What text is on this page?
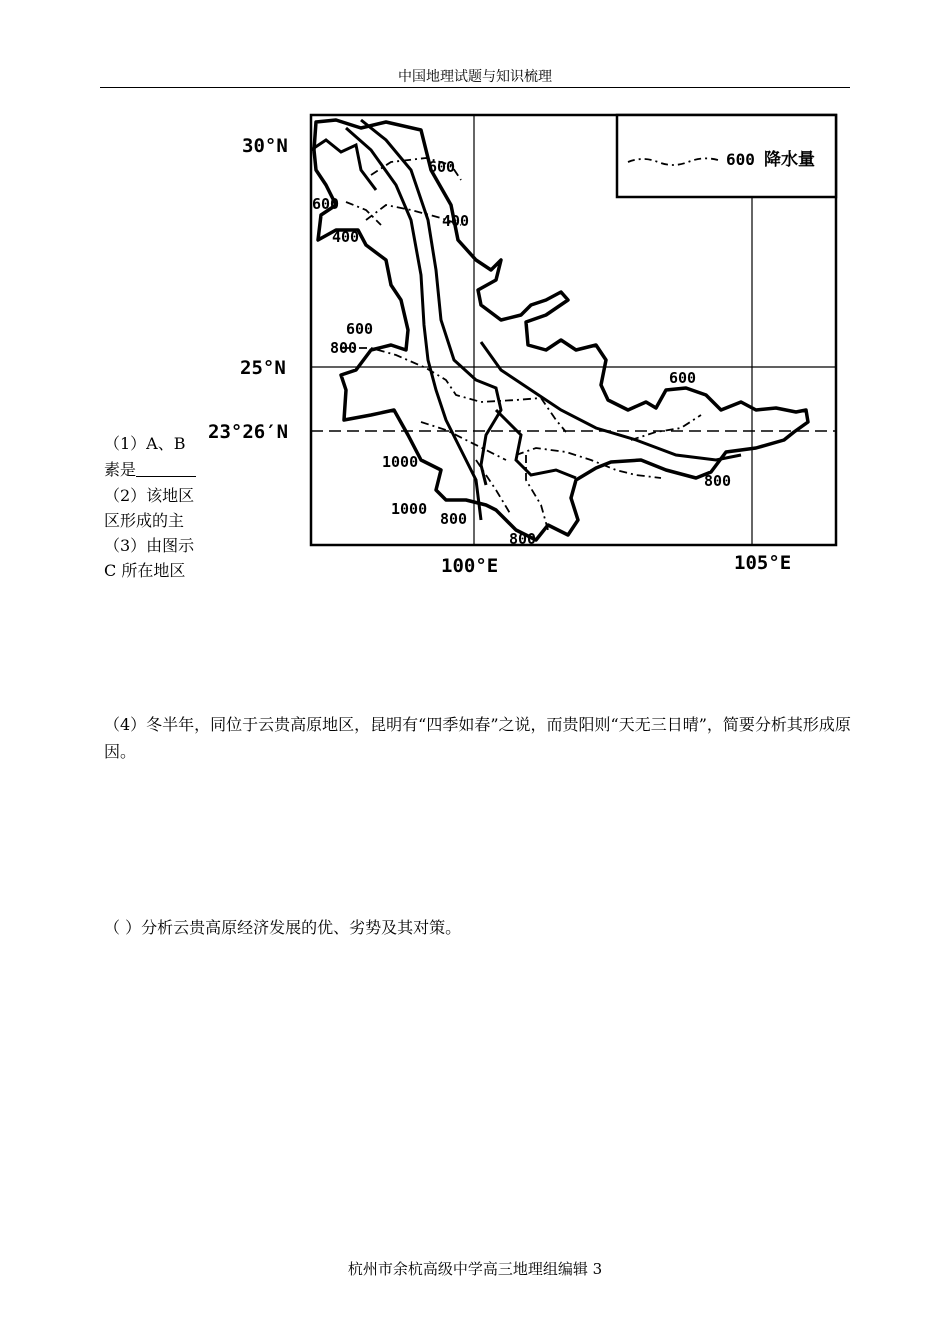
中国地理试题与知识梳理
（1）A、B
素是
（2）该地区
区形成的主
（3）由图示
C 所在地区
600 降水量
30°N
25°N
23°26′N
100°E	105°E
600
400
600
400
600
800
600
1000
800
1000
800
800
（4）冬半年，同位于云贵高原地区，昆明有“四季如春”之说，而贵阳则“天无三日晴”，简要分析其形成原因。
（ ）分析云贵高原经济发展的优、劣势及其对策。
杭州市余杭高级中学高三地理组编辑 3
